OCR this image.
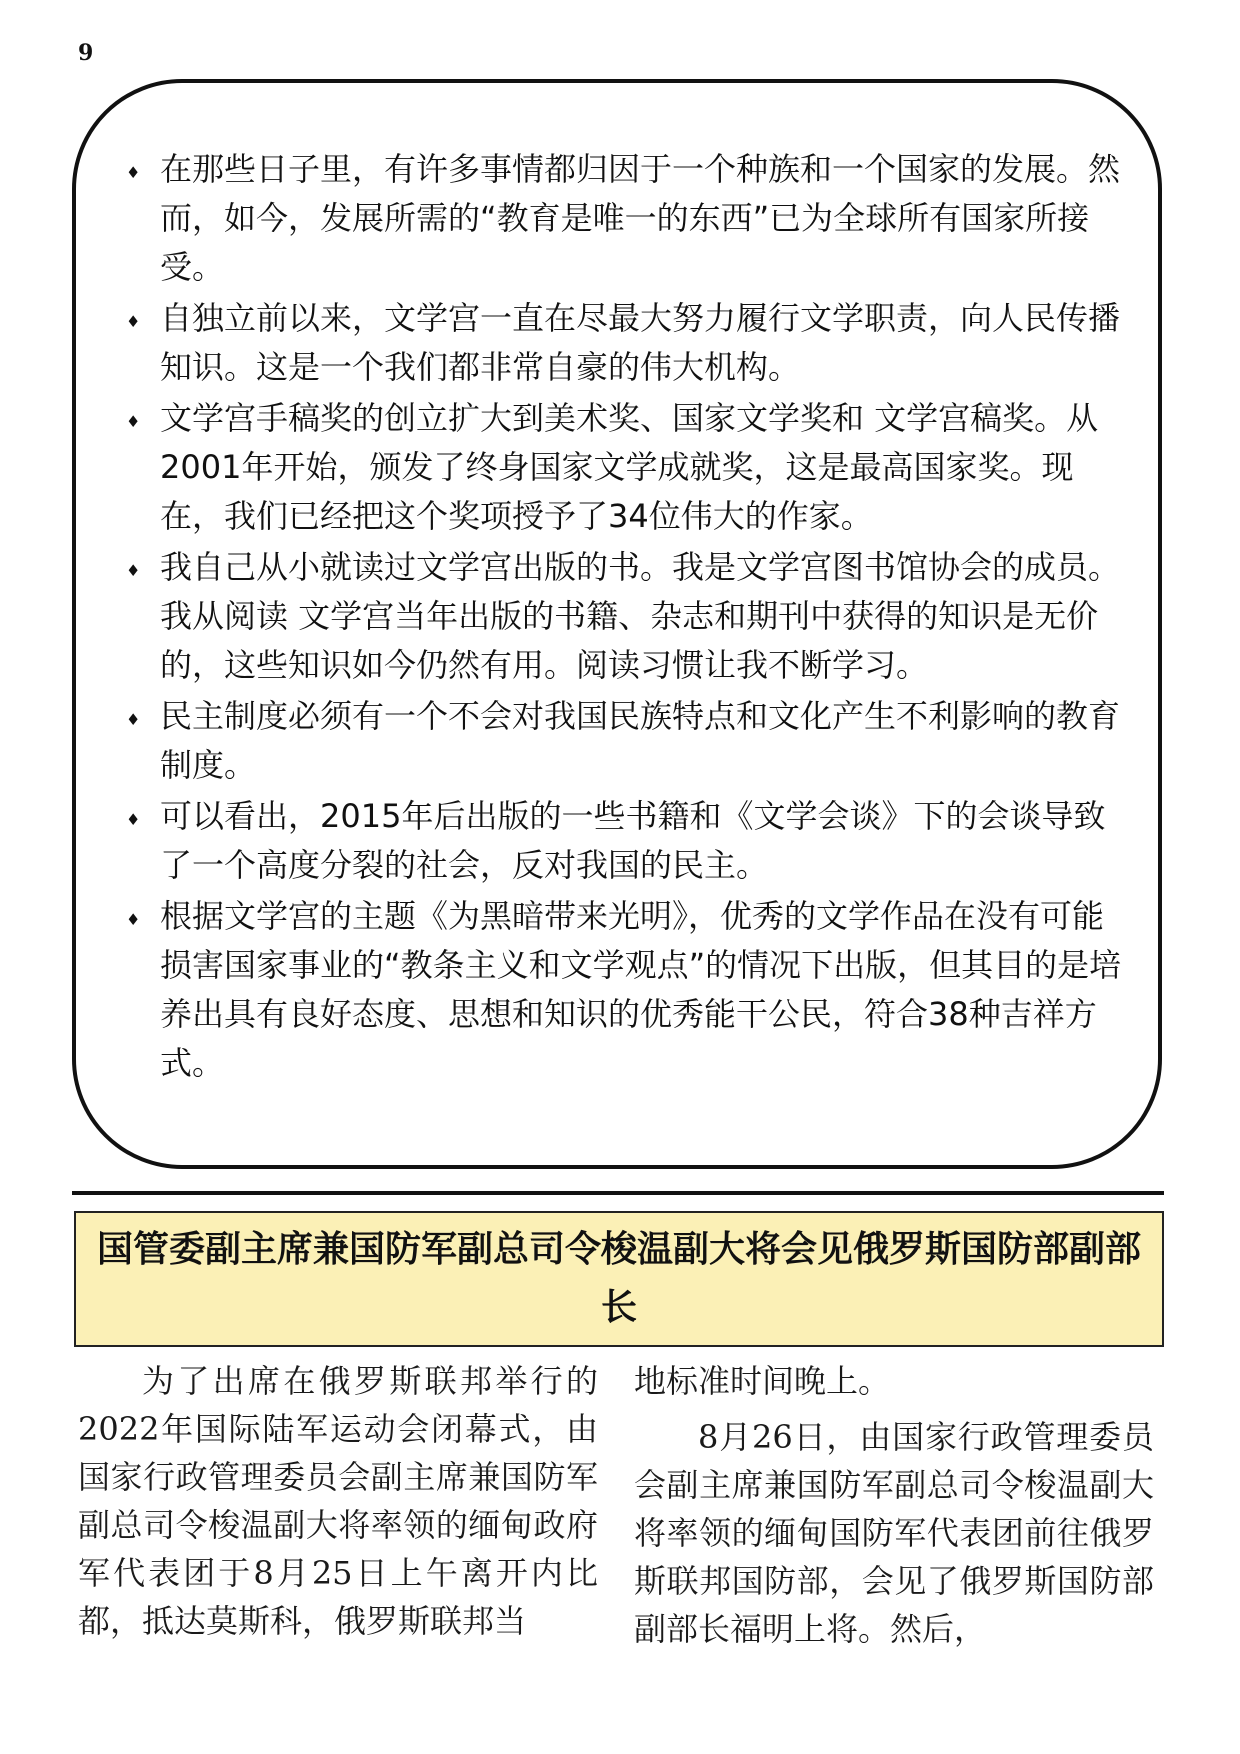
9
♦ 在那些日子里，有许多事情都归因于一个种族和一个国家的发展。然而，如今，发展所需的“教育是唯一的东西”已为全球所有国家所接受。
♦ 自独立前以来，文学宫一直在尽最大努力履行文学职责，向人民传播知识。这是一个我们都非常自豪的伟大机构。
♦ 文学宫手稿奖的创立扩大到美术奖、国家文学奖和 文学宫稿奖。从2001年开始，颁发了终身国家文学成就奖，这是最高国家奖。现在，我们已经把这个奖项授予了34位伟大的作家。
♦ 我自己从小就读过文学宫出版的书。我是文学宫图书馆协会的成员。我从阅读 文学宫当年出版的书籍、杂志和期刊中获得的知识是无价的，这些知识如今仍然有用。阅读习惯让我不断学习。
♦ 民主制度必须有一个不会对我国民族特点和文化产生不利影响的教育制度。
♦ 可以看出，2015年后出版的一些书籍和《文学会谈》下的会谈导致了一个高度分裂的社会，反对我国的民主。
♦ 根据文学宫的主题《为黑暗带来光明》，优秀的文学作品在没有可能损害国家事业的“教条主义和文学观点”的情况下出版，但其目的是培养出具有良好态度、思想和知识的优秀能干公民，符合38种吉祥方式。
国管委副主席兼国防军副总司令梭温副大将会见俄罗斯国防部副部长

为了出席在俄罗斯联邦举行的2022年国际陆军运动会闭幕式，由国家行政管理委员会副主席兼国防军副总司令梭温副大将率领的缅甸政府军代表团于8月25日上午离开内比都，抵达莫斯科，俄罗斯联邦当

地标准时间晚上。

8月26日，由国家行政管理委员会副主席兼国防军副总司令梭温副大将率领的缅甸国防军代表团前往俄罗斯联邦国防部，会见了俄罗斯国防部副部长福明上将。然后，
